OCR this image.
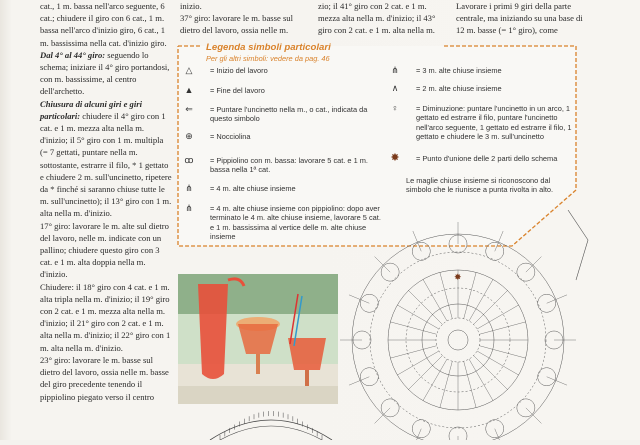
cat., 1 m. bassa nell'arco seguente, 6 cat.; chiudere il giro con 6 cat., 1 m. bassa nell'arco d'inizio giro, 6 cat., 1 m. bassissima nella cat. d'inizio giro.

Dal 4° al 44° giro: seguendo lo schema; iniziare il 4° giro portandosi, con m. bassissime, al centro dell'archetto.

Chiusura di alcuni giri e giri particolari: chiudere il 4° giro con 1 cat. e 1 m. mezza alta nella m. d'inizio; il 5° giro con 1 m. multipla (= 7 gettati, puntare nella m. sottostante, estrarre il filo, * 1 gettato e chiudere 2 m. sull'uncinetto, ripetere da * finché si saranno chiuse tutte le m. sull'uncinetto); il 13° giro con 1 m. alta nella m. d'inizio.

17° giro: lavorare le m. alte sul dietro del lavoro, nelle m. indicate con un pallino; chiudere questo giro con 3 cat. e 1 m. alta doppia nella m. d'inizio.

Chiudere: il 18° giro con 4 cat. e 1 m. alta tripla nella m. d'inizio; il 19° giro con 2 cat. e 1 m. mezza alta nella m. d'inizio; il 21° giro con 2 cat. e 1 m. alta nella m. d'inizio; il 22° giro con 1 m. alta nella m. d'inizio.

23° giro: lavorare le m. basse sul dietro del lavoro, ossia nelle m. basse del giro precedente tenendo il pippiolino piegato verso il centro

inizio.

37° giro: lavorare le m. basse sul dietro del lavoro, ossia nelle m.

zio; il 41° giro con 2 cat. e 1 m. mezza alta nella m. d'inizio; il 43° giro con 2 cat. e 1 m. alta nella m.

Lavorare i primi 9 giri della parte centrale, ma iniziando su una base di 12 m. basse (= 1° giro), come

Legenda simboli particolari
Per gli altri simboli: vedere da pag. 46
△	= Inizio del lavoro
▲	= Fine del lavoro
⇐	= Puntare l'uncinetto nella m., o cat., indicata da questo simbolo
⊕	= Nocciolina
ꝏ	= Pippiolino con m. bassa: lavorare 5 cat. e 1 m. bassa nella 1ª cat.
⋔	= 4 m. alte chiuse insieme
⋔	= 4 m. alte chiuse insieme con pippiolino: dopo aver terminato le 4 m. alte chiuse insieme, lavorare 5 cat. e 1 m. bassissima al vertice delle m. alte chiuse insieme
⋔	= 3 m. alte chiuse insieme
∧	= 2 m. alte chiuse insieme
♀	= Diminuzione: puntare l'uncinetto in un arco, 1 gettato ed estrarre il filo, puntare l'uncinetto nell'arco seguente, 1 gettato ed estrarre il filo, 1 gettato e chiudere le 3 m. sull'uncinetto
✸	= Punto d'unione delle 2 parti dello schema
Le maglie chiuse insieme si riconoscono dal simbolo che le riunisce a punta rivolta in alto.
✸
